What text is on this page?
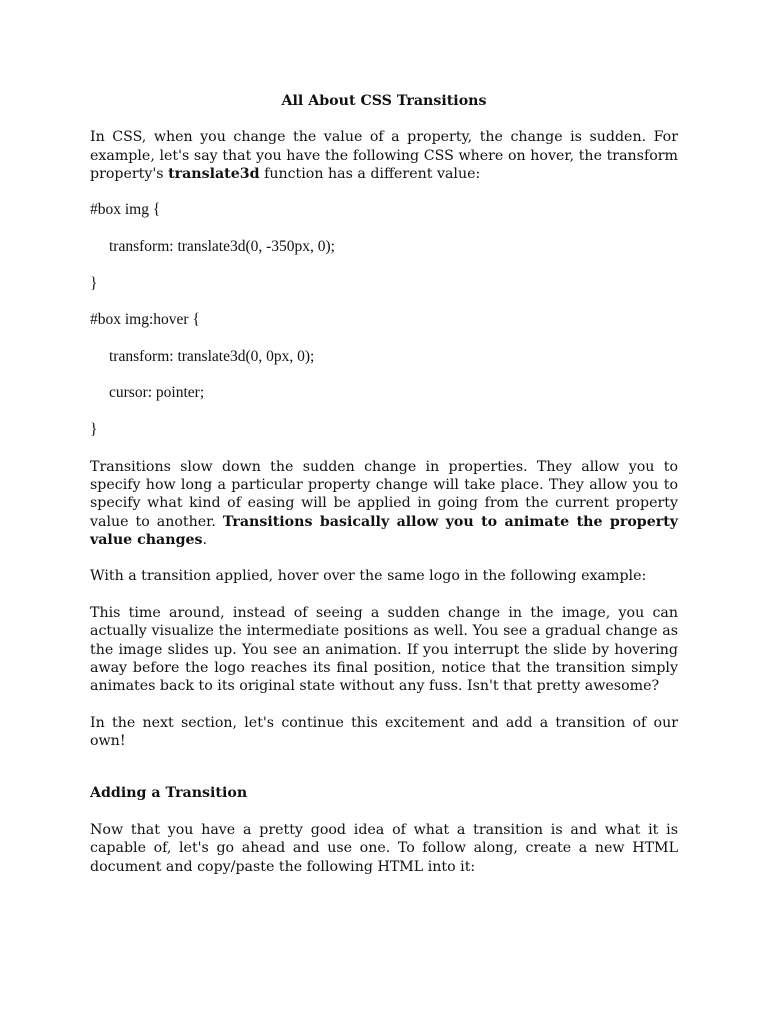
All About CSS Transitions

In CSS, when you change the value of a property, the change is sudden. For example, let's say that you have the following CSS where on hover, the transform property's translate3d function has a different value:

#box img {
transform: translate3d(0, -350px, 0);
}
#box img:hover {
transform: translate3d(0, 0px, 0);
cursor: pointer;
}

Transitions slow down the sudden change in properties. They allow you to specify how long a particular property change will take place. They allow you to specify what kind of easing will be applied in going from the current property value to another. Transitions basically allow you to animate the property value changes.

With a transition applied, hover over the same logo in the following example:

This time around, instead of seeing a sudden change in the image, you can actually visualize the intermediate positions as well. You see a gradual change as the image slides up. You see an animation. If you interrupt the slide by hovering away before the logo reaches its final position, notice that the transition simply animates back to its original state without any fuss. Isn't that pretty awesome?

In the next section, let's continue this excitement and add a transition of our own!

Adding a Transition

Now that you have a pretty good idea of what a transition is and what it is capable of, let's go ahead and use one. To follow along, create a new HTML document and copy/paste the following HTML into it:
